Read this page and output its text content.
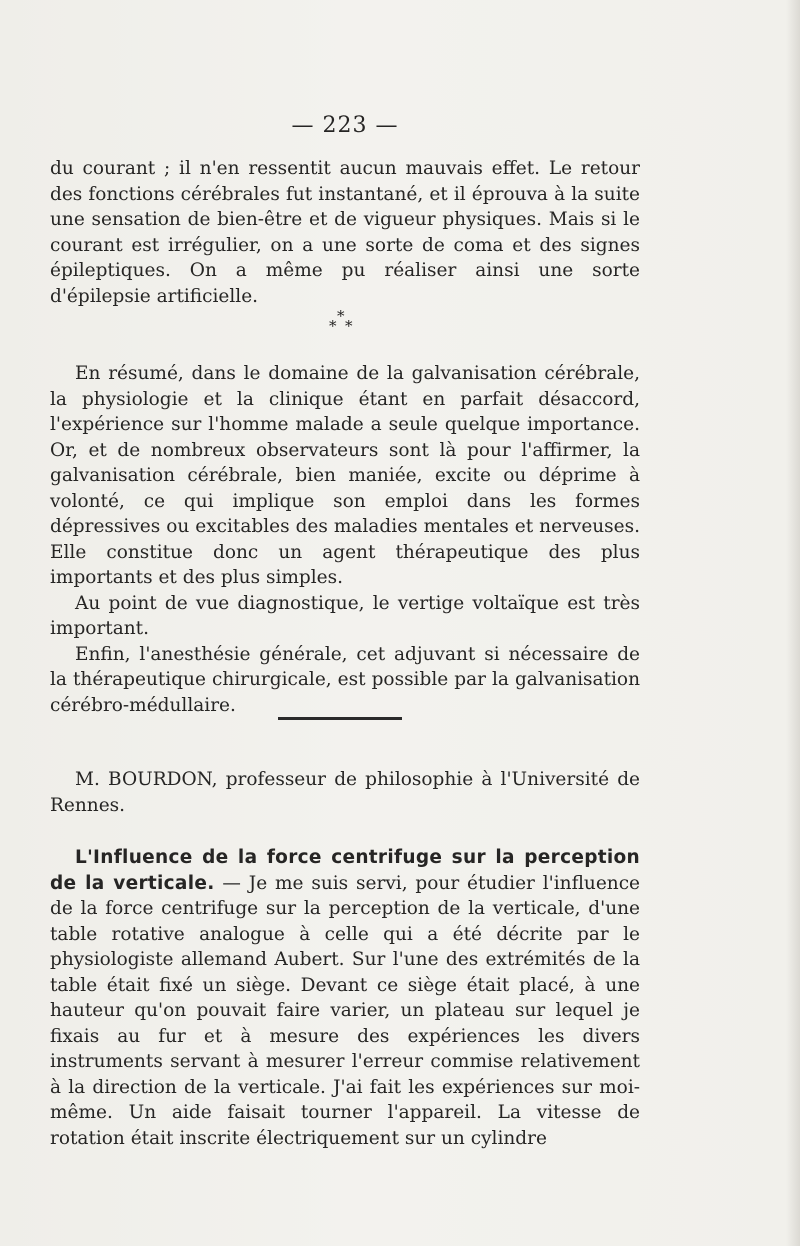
— 223 —

du courant ; il n'en ressentit aucun mauvais effet. Le retour des fonctions cérébrales fut instantané, et il éprouva à la suite une sensation de bien-être et de vigueur physiques. Mais si le courant est irrégulier, on a une sorte de coma et des signes épileptiques. On a même pu réaliser ainsi une sorte d'épilepsie artificielle.

*
* *

En résumé, dans le domaine de la galvanisation cérébrale, la physiologie et la clinique étant en parfait désaccord, l'expérience sur l'homme malade a seule quelque importance. Or, et de nombreux observateurs sont là pour l'affirmer, la galvanisation cérébrale, bien maniée, excite ou déprime à volonté, ce qui implique son emploi dans les formes dépressives ou excitables des maladies mentales et nerveuses. Elle constitue donc un agent thérapeutique des plus importants et des plus simples.

Au point de vue diagnostique, le vertige voltaïque est très important.

Enfin, l'anesthésie générale, cet adjuvant si nécessaire de la thérapeutique chirurgicale, est possible par la galvanisation cérébro-médullaire.

M. BOURDON, professeur de philosophie à l'Université de Rennes.

L'Influence de la force centrifuge sur la perception de la verticale. — Je me suis servi, pour étudier l'influence de la force centrifuge sur la perception de la verticale, d'une table rotative analogue à celle qui a été décrite par le physiologiste allemand Aubert. Sur l'une des extrémités de la table était fixé un siège. Devant ce siège était placé, à une hauteur qu'on pouvait faire varier, un plateau sur lequel je fixais au fur et à mesure des expériences les divers instruments servant à mesurer l'erreur commise relativement à la direction de la verticale. J'ai fait les expériences sur moi-même. Un aide faisait tourner l'appareil. La vitesse de rotation était inscrite électriquement sur un cylindre
